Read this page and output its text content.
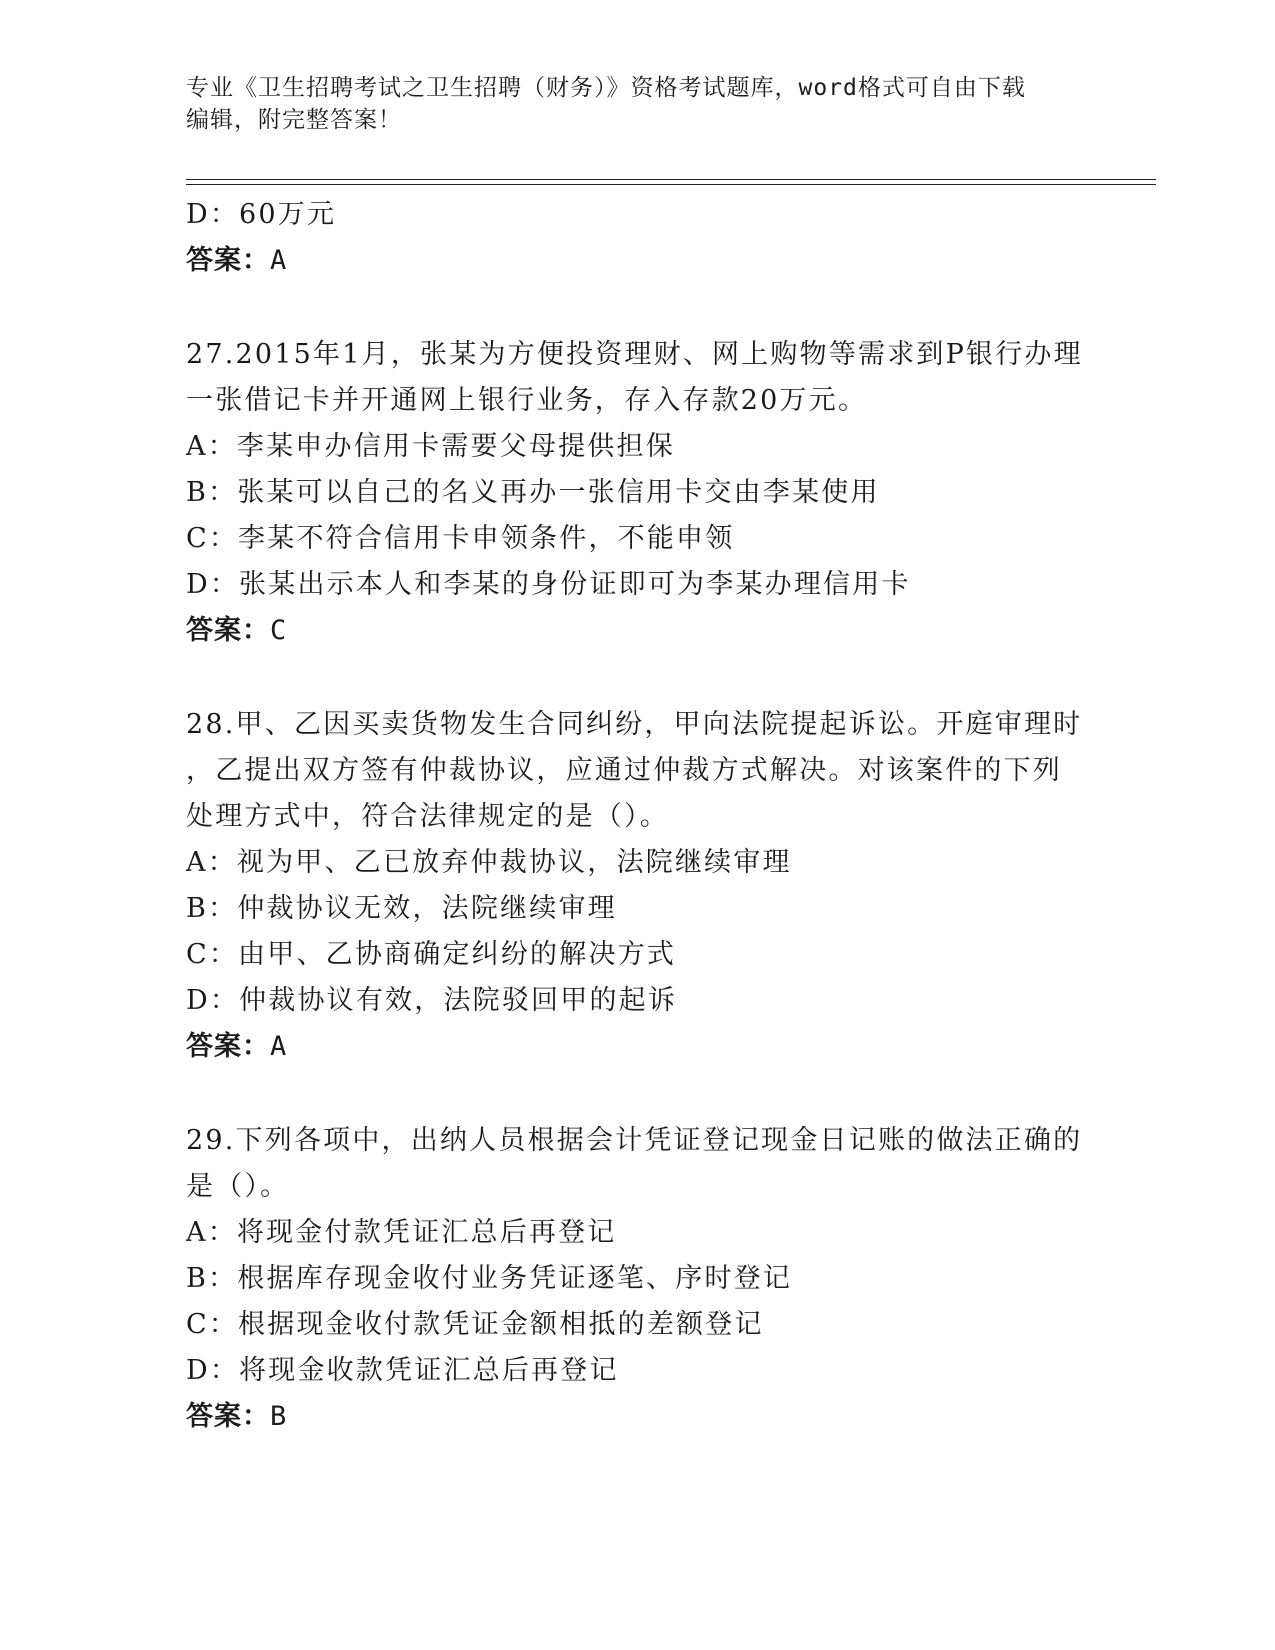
专业《卫生招聘考试之卫生招聘（财务）》资格考试题库，word格式可自由下载
编辑，附完整答案！
D：60万元
答案：A
27.2015年1月，张某为方便投资理财、网上购物等需求到P银行办理
一张借记卡并开通网上银行业务，存入存款20万元。
A：李某申办信用卡需要父母提供担保
B：张某可以自己的名义再办一张信用卡交由李某使用
C：李某不符合信用卡申领条件，不能申领
D：张某出示本人和李某的身份证即可为李某办理信用卡
答案：C
28.甲、乙因买卖货物发生合同纠纷，甲向法院提起诉讼。开庭审理时
，乙提出双方签有仲裁协议，应通过仲裁方式解决。对该案件的下列
处理方式中，符合法律规定的是（）。
A：视为甲、乙已放弃仲裁协议，法院继续审理
B：仲裁协议无效，法院继续审理
C：由甲、乙协商确定纠纷的解决方式
D：仲裁协议有效，法院驳回甲的起诉
答案：A
29.下列各项中，出纳人员根据会计凭证登记现金日记账的做法正确的
是（）。
A：将现金付款凭证汇总后再登记
B：根据库存现金收付业务凭证逐笔、序时登记
C：根据现金收付款凭证金额相抵的差额登记
D：将现金收款凭证汇总后再登记
答案：B
